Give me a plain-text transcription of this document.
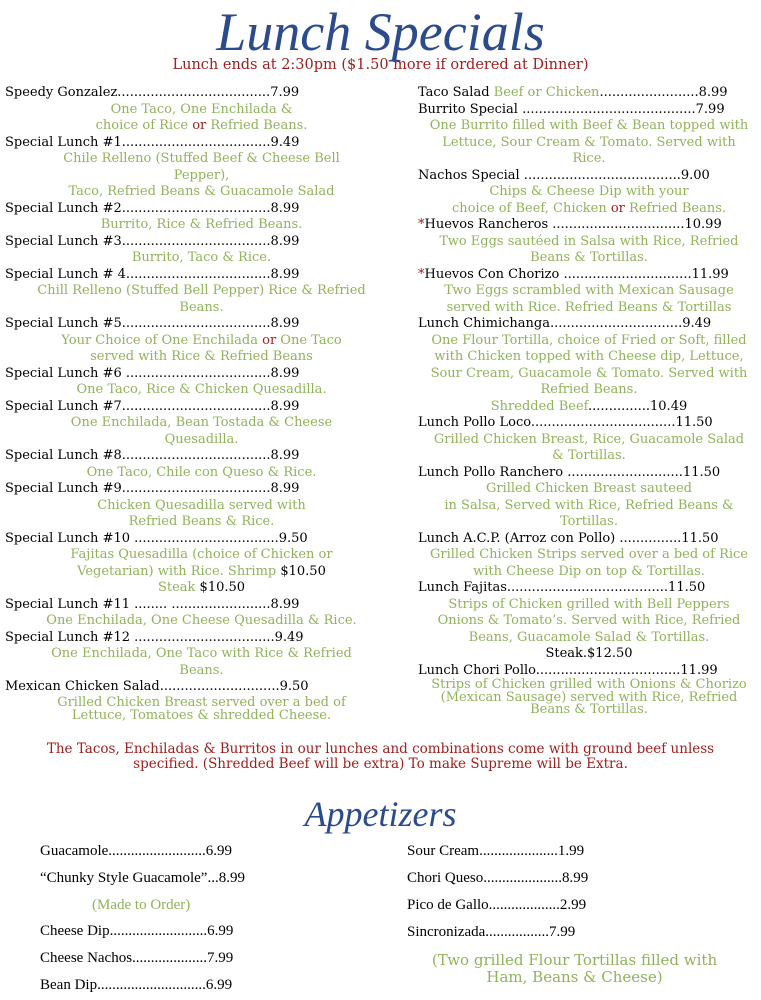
Lunch Specials
Lunch ends at 2:30pm ($1.50 more if ordered at Dinner)
Speedy Gonzalez.....................................7.99
One Taco, One Enchilada &
choice of Rice or Refried Beans.
Special Lunch #1....................................9.49
Chile Relleno (Stuffed Beef & Cheese Bell
Pepper),
Taco, Refried Beans & Guacamole Salad
Special Lunch #2....................................8.99
Burrito, Rice & Refried Beans.
Special Lunch #3....................................8.99
Burrito, Taco & Rice.
Special Lunch # 4...................................8.99
Chill Relleno (Stuffed Bell Pepper) Rice & Refried
Beans.
Special Lunch #5....................................8.99
Your Choice of One Enchilada or One Taco
served with Rice & Refried Beans
Special Lunch #6 ...................................8.99
One Taco, Rice & Chicken Quesadilla.
Special Lunch #7....................................8.99
One Enchilada, Bean Tostada & Cheese
Quesadilla.
Special Lunch #8....................................8.99
One Taco, Chile con Queso & Rice.
Special Lunch #9....................................8.99
Chicken Quesadilla served with
Refried Beans & Rice.
Special Lunch #10 ...................................9.50
Fajitas Quesadilla (choice of Chicken or
Vegetarian) with Rice. Shrimp $10.50
Steak $10.50
Special Lunch #11 ........ ........................8.99
One Enchilada, One Cheese Quesadilla & Rice.
Special Lunch #12 ..................................9.49
One Enchilada, One Taco with Rice & Refried
Beans.
Mexican Chicken Salad.............................9.50
Grilled Chicken Breast served over a bed of
Lettuce, Tomatoes & shredded Cheese.
Taco Salad Beef or Chicken........................8.99
Burrito Special ..........................................7.99
One Burrito filled with Beef & Bean topped with
Lettuce, Sour Cream & Tomato. Served with
Rice.
Nachos Special ......................................9.00
Chips & Cheese Dip with your
choice of Beef, Chicken or Refried Beans.
*Huevos Rancheros ................................10.99
Two Eggs sautéed in Salsa with Rice, Refried
Beans & Tortillas.
*Huevos Con Chorizo ...............................11.99
Two Eggs scrambled with Mexican Sausage
served with Rice. Refried Beans & Tortillas
Lunch Chimichanga................................9.49
One Flour Tortilla, choice of Fried or Soft, filled
with Chicken topped with Cheese dip, Lettuce,
Sour Cream, Guacamole & Tomato. Served with
Refried Beans.
Shredded Beef...............10.49
Lunch Pollo Loco...................................11.50
Grilled Chicken Breast, Rice, Guacamole Salad
& Tortillas.
Lunch Pollo Ranchero ............................11.50
Grilled Chicken Breast sauteed
in Salsa, Served with Rice, Refried Beans &
Tortillas.
Lunch A.C.P. (Arroz con Pollo) ...............11.50
Grilled Chicken Strips served over a bed of Rice
with Cheese Dip on top & Tortillas.
Lunch Fajitas.......................................11.50
Strips of Chicken grilled with Bell Peppers
Onions & Tomato’s. Served with Rice, Refried
Beans, Guacamole Salad & Tortillas.
Steak.$12.50
Lunch Chori Pollo...................................11.99
Strips of Chicken grilled with Onions & Chorizo
(Mexican Sausage) served with Rice, Refried
Beans & Tortillas.
The Tacos, Enchiladas & Burritos in our lunches and combinations come with ground beef unless
specified. (Shredded Beef will be extra) To make Supreme will be Extra.
Appetizers
Guacamole..........................6.99
“Chunky Style Guacamole”...8.99
(Made to Order)
Cheese Dip..........................6.99
Cheese Nachos....................7.99
Bean Dip.............................6.99
Sour Cream.....................1.99
Chori Queso.....................8.99
Pico de Gallo...................2.99
Sincronizada.................7.99
(Two grilled Flour Tortillas filled with
Ham, Beans & Cheese)
